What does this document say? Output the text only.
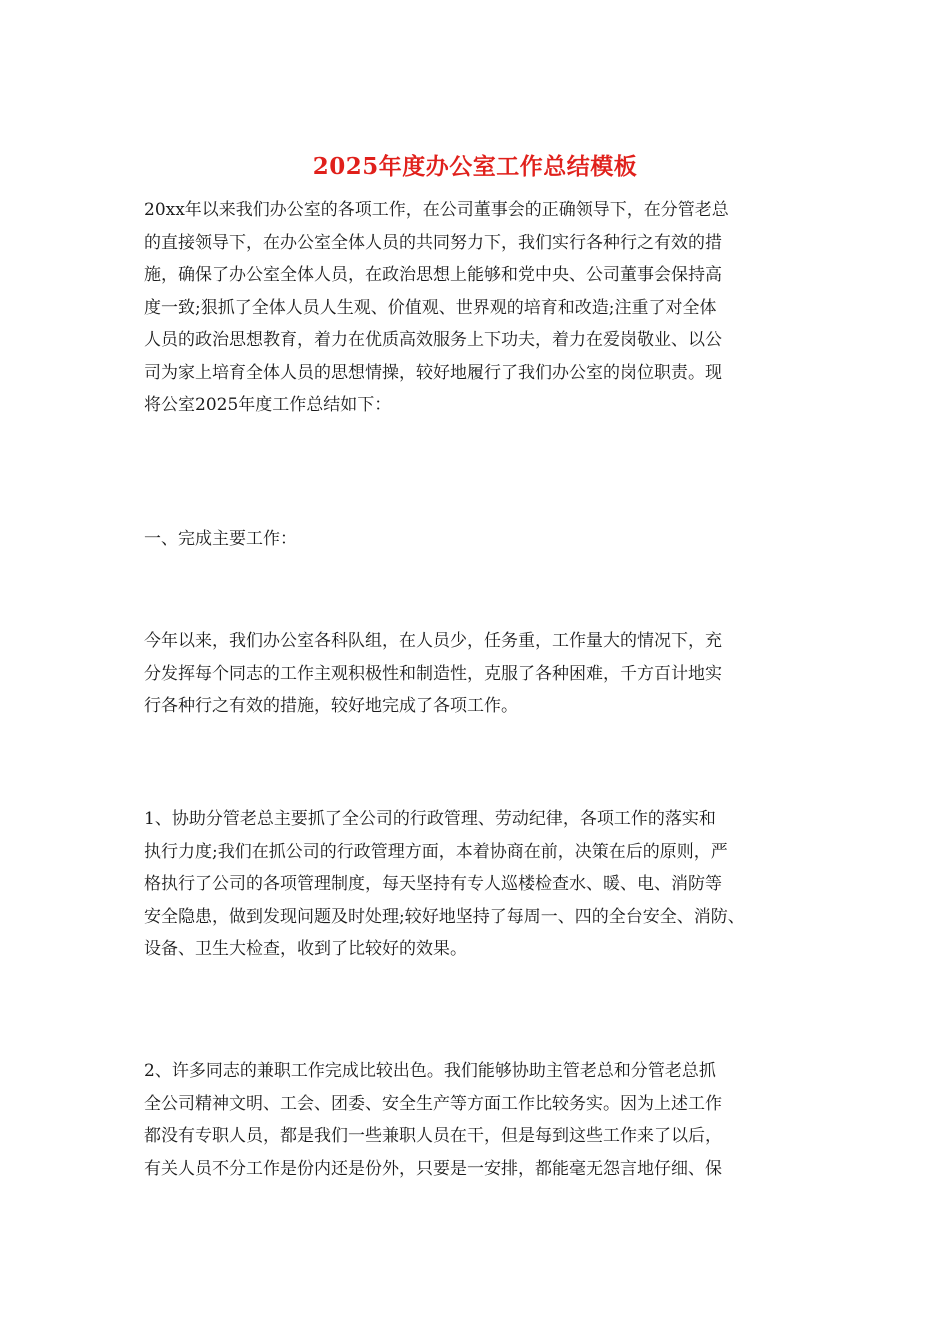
2025年度办公室工作总结模板
20xx年以来我们办公室的各项工作，在公司董事会的正确领导下，在分管老总
的直接领导下，在办公室全体人员的共同努力下，我们实行各种行之有效的措
施，确保了办公室全体人员，在政治思想上能够和党中央、公司董事会保持高
度一致;狠抓了全体人员人生观、价值观、世界观的培育和改造;注重了对全体
人员的政治思想教育，着力在优质高效服务上下功夫，着力在爱岗敬业、以公
司为家上培育全体人员的思想情操，较好地履行了我们办公室的岗位职责。现
将公室2025年度工作总结如下：
一、完成主要工作：
今年以来，我们办公室各科队组，在人员少，任务重，工作量大的情况下，充
分发挥每个同志的工作主观积极性和制造性，克服了各种困难，千方百计地实
行各种行之有效的措施，较好地完成了各项工作。
1、协助分管老总主要抓了全公司的行政管理、劳动纪律，各项工作的落实和
执行力度;我们在抓公司的行政管理方面，本着协商在前，决策在后的原则，严
格执行了公司的各项管理制度，每天坚持有专人巡楼检查水、暖、电、消防等
安全隐患，做到发现问题及时处理;较好地坚持了每周一、四的全台安全、消防、
设备、卫生大检查，收到了比较好的效果。
2、许多同志的兼职工作完成比较出色。我们能够协助主管老总和分管老总抓
全公司精神文明、工会、团委、安全生产等方面工作比较务实。因为上述工作
都没有专职人员，都是我们一些兼职人员在干，但是每到这些工作来了以后，
有关人员不分工作是份内还是份外，只要是一安排，都能毫无怨言地仔细、保
